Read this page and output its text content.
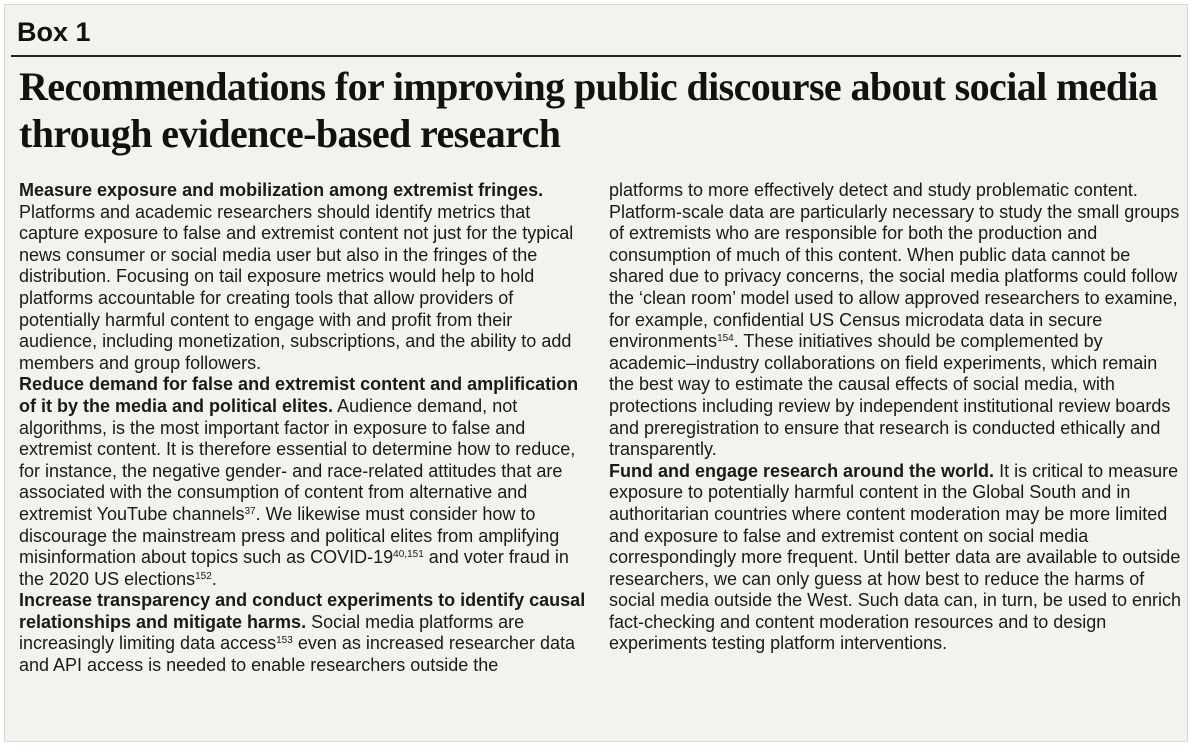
Box 1
Recommendations for improving public discourse about social media through evidence-based research

Measure exposure and mobilization among extremist fringes. Platforms and academic researchers should identify metrics that capture exposure to false and extremist content not just for the typical news consumer or social media user but also in the fringes of the distribution. Focusing on tail exposure metrics would help to hold platforms accountable for creating tools that allow providers of potentially harmful content to engage with and profit from their audience, including monetization, subscriptions, and the ability to add members and group followers.

Reduce demand for false and extremist content and amplification of it by the media and political elites. Audience demand, not algorithms, is the most important factor in exposure to false and extremist content. It is therefore essential to determine how to reduce, for instance, the negative gender- and race-related attitudes that are associated with the consumption of content from alternative and extremist YouTube channels$^{37}$. We likewise must consider how to discourage the mainstream press and political elites from amplifying misinformation about topics such as COVID-19$^{40,151}$ and voter fraud in the 2020 US elections$^{152}$.

Increase transparency and conduct experiments to identify causal relationships and mitigate harms. Social media platforms are increasingly limiting data access$^{153}$ even as increased researcher data and API access is needed to enable researchers outside the

platforms to more effectively detect and study problematic content. Platform-scale data are particularly necessary to study the small groups of extremists who are responsible for both the production and consumption of much of this content. When public data cannot be shared due to privacy concerns, the social media platforms could follow the ‘clean room’ model used to allow approved researchers to examine, for example, confidential US Census microdata data in secure environments$^{154}$. These initiatives should be complemented by academic–industry collaborations on field experiments, which remain the best way to estimate the causal effects of social media, with protections including review by independent institutional review boards and preregistration to ensure that research is conducted ethically and transparently.

Fund and engage research around the world. It is critical to measure exposure to potentially harmful content in the Global South and in authoritarian countries where content moderation may be more limited and exposure to false and extremist content on social media correspondingly more frequent. Until better data are available to outside researchers, we can only guess at how best to reduce the harms of social media outside the West. Such data can, in turn, be used to enrich fact-checking and content moderation resources and to design experiments testing platform interventions.
